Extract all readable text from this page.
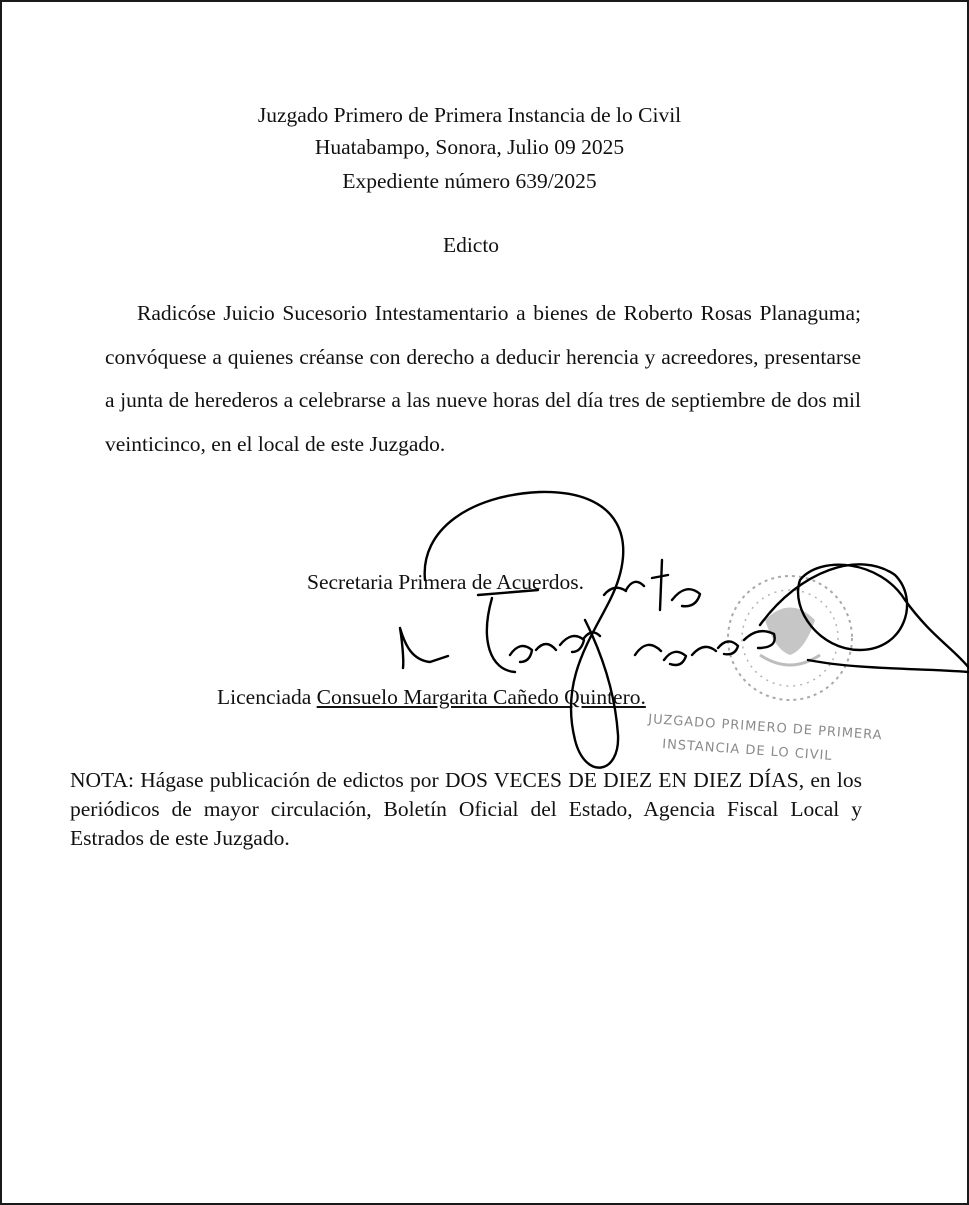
Juzgado Primero de Primera Instancia de lo Civil

Huatabampo, Sonora, Julio 09 2025

Expediente número 639/2025

Edicto

Radicóse Juicio Sucesorio Intestamentario a bienes de Roberto Rosas Planaguma; convóquese a quienes créanse con derecho a deducir herencia y acreedores, presentarse a junta de herederos a celebrarse a las nueve horas del día tres de septiembre de dos mil veinticinco, en el local de este Juzgado.

Secretaria Primera de Acuerdos.
Licenciada Consuelo Margarita Cañedo Quintero.

NOTA: Hágase publicación de edictos por DOS VECES DE DIEZ EN DIEZ DÍAS, en los periódicos de mayor circulación, Boletín Oficial del Estado, Agencia Fiscal Local y Estrados de este Juzgado.

JUZGADO PRIMERO DE PRIMERA
INSTANCIA DE LO CIVIL
